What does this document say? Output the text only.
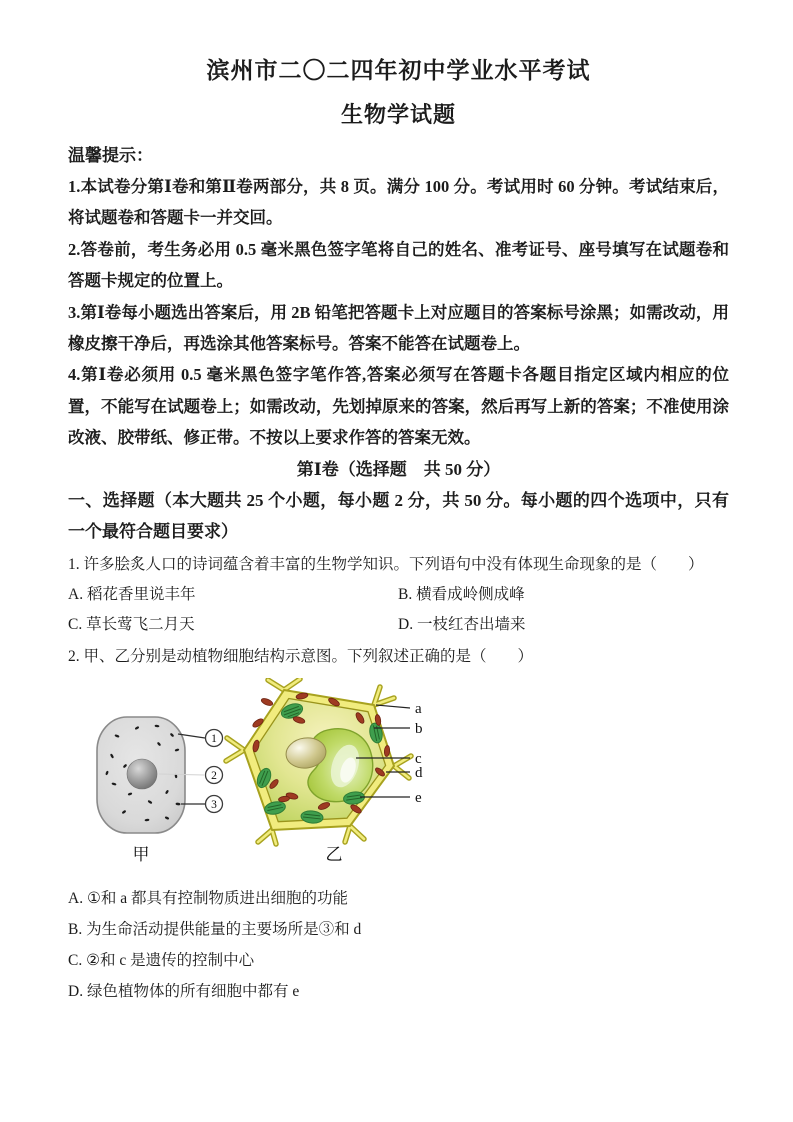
滨州市二〇二四年初中学业水平考试
生物学试题

温馨提示：

1.本试卷分第Ⅰ卷和第Ⅱ卷两部分，共 8 页。满分 100 分。考试用时 60 分钟。考试结束后，将试题卷和答题卡一并交回。

2.答卷前，考生务必用 0.5 毫米黑色签字笔将自己的姓名、准考证号、座号填写在试题卷和答题卡规定的位置上。

3.第Ⅰ卷每小题选出答案后，用 2B 铅笔把答题卡上对应题目的答案标号涂黑；如需改动，用橡皮擦干净后，再选涂其他答案标号。答案不能答在试题卷上。

4.第Ⅰ卷必须用 0.5 毫米黑色签字笔作答,答案必须写在答题卡各题目指定区域内相应的位置，不能写在试题卷上；如需改动，先划掉原来的答案，然后再写上新的答案；不准使用涂改液、胶带纸、修正带。不按以上要求作答的答案无效。

第Ⅰ卷（选择题　共 50 分）

一、选择题（本大题共 25 个小题，每小题 2 分，共 50 分。每小题的四个选项中，只有一个最符合题目要求）

1. 许多脍炙人口的诗词蕴含着丰富的生物学知识。下列语句中没有体现生命现象的是（　　）

A. 稻花香里说丰年	B. 横看成岭侧成峰
C. 草长莺飞二月天	D. 一枝红杏出墙来

2. 甲、乙分别是动植物细胞结构示意图。下列叙述正确的是（　　）

1
2
3
甲
a
b
c
d
e
乙
A. ①和 a 都具有控制物质进出细胞的功能
B. 为生命活动提供能量的主要场所是③和 d
C. ②和 c 是遗传的控制中心
D. 绿色植物体的所有细胞中都有 e
